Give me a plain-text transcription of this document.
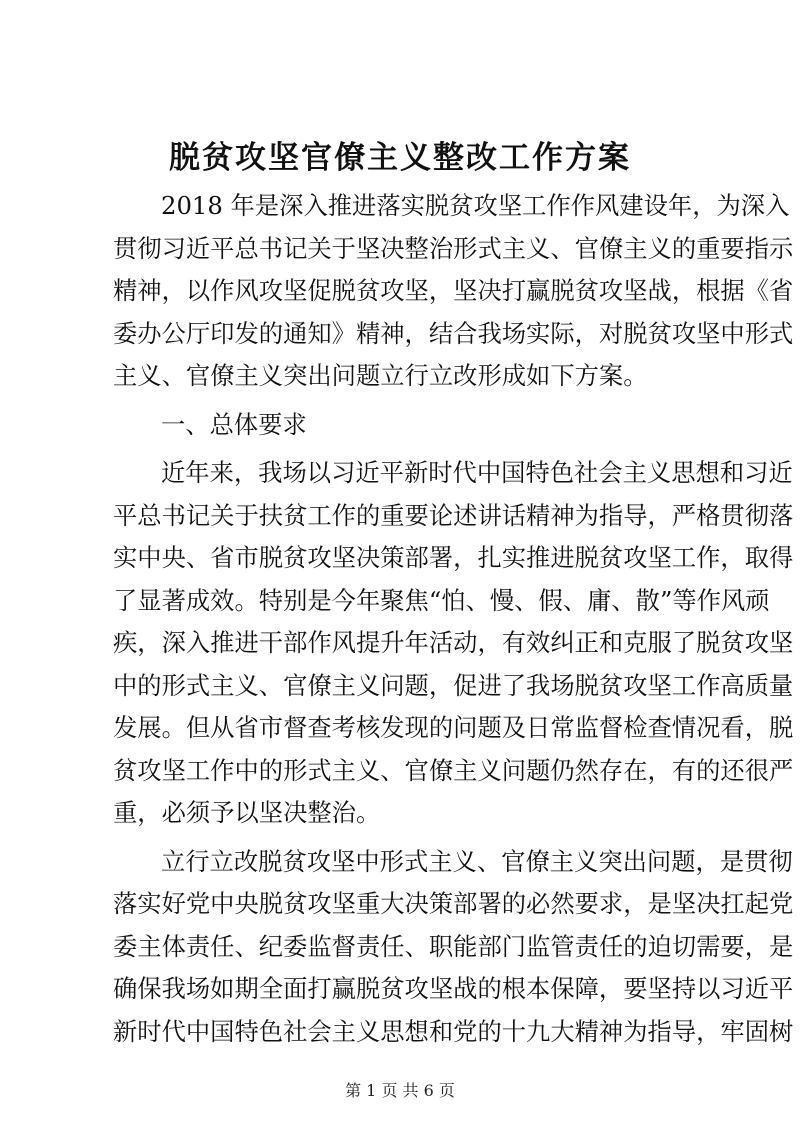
脱贫攻坚官僚主义整改工作方案
2018 年是深入推进落实脱贫攻坚工作作风建设年，为深入
贯彻习近平总书记关于坚决整治形式主义、官僚主义的重要指示
精神，以作风攻坚促脱贫攻坚，坚决打赢脱贫攻坚战，根据《省
委办公厅印发的通知》精神，结合我场实际，对脱贫攻坚中形式
主义、官僚主义突出问题立行立改形成如下方案。
一、总体要求
近年来，我场以习近平新时代中国特色社会主义思想和习近
平总书记关于扶贫工作的重要论述讲话精神为指导，严格贯彻落
实中央、省市脱贫攻坚决策部署，扎实推进脱贫攻坚工作，取得
了显著成效。特别是今年聚焦“怕、慢、假、庸、散”等作风顽
疾，深入推进干部作风提升年活动，有效纠正和克服了脱贫攻坚
中的形式主义、官僚主义问题，促进了我场脱贫攻坚工作高质量
发展。但从省市督查考核发现的问题及日常监督检查情况看，脱
贫攻坚工作中的形式主义、官僚主义问题仍然存在，有的还很严
重，必须予以坚决整治。
立行立改脱贫攻坚中形式主义、官僚主义突出问题，是贯彻
落实好党中央脱贫攻坚重大决策部署的必然要求，是坚决扛起党
委主体责任、纪委监督责任、职能部门监管责任的迫切需要，是
确保我场如期全面打赢脱贫攻坚战的根本保障，要坚持以习近平
新时代中国特色社会主义思想和党的十九大精神为指导，牢固树
第 1 页 共 6 页
